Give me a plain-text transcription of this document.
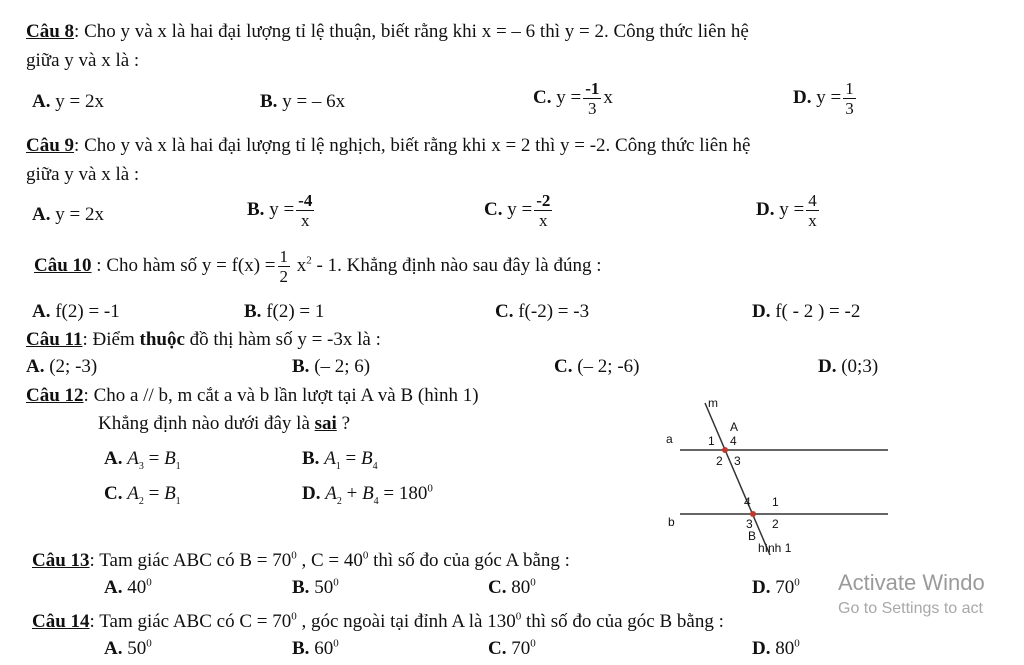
Câu 8: Cho y và x là hai đại lượng tỉ lệ thuận, biết rằng khi x = – 6 thì y = 2. Công thức liên hệ
giữa y và x là :
A. y = 2x	B. y = – 6x	C. $y = \frac{-1}{3}$ x	D. $y = \frac{1}{3}$
Câu 9: Cho y và x là hai đại lượng tỉ lệ nghịch, biết rằng khi x = 2 thì y = -2. Công thức liên hệ
giữa y và x là :
A. y = 2x	B. $y = \frac{-4}{x}$	C. $y = \frac{-2}{x}$	D. $y = \frac{4}{x}$
Câu 10 : Cho hàm số $y = f(x) = \frac{1}{2} x^2 - 1$. Khẳng định nào sau đây là đúng :
A. f(2) = -1	B. f(2) = 1	C. f(-2) = -3	D. f( - 2 ) = -2
Câu 11: Điểm thuộc đồ thị hàm số y = -3x là :
A. (2; -3)	B. (– 2; 6)	C. (– 2; -6)	D. (0;3)
Câu 12: Cho a // b, m cắt a và b lần lượt tại A và B (hình 1)
Khẳng định nào dưới đây là sai ?
A. $A_3 = B_1$	B. $A_1 = B_4$
C. $A_2 = B_1$	D. $A_2 + B_4 = 180^0$
m
A
a	1 4
2 3
4 1
b	3 2
B
hình 1
Câu 13: Tam giác ABC có $B = 70^0$ , $C = 40^0$ thì số đo của góc A bằng :
A. $40^0$	B. $50^0$	C. $80^0$	D. $70^0$
Câu 14: Tam giác ABC có $C = 70^0$ , góc ngoài tại đỉnh A là $130^0$ thì số đo của góc B bằng :
A. $50^0$	B. $60^0$	C. $70^0$	D. $80^0$
Activate Windo
Go to Settings to act
